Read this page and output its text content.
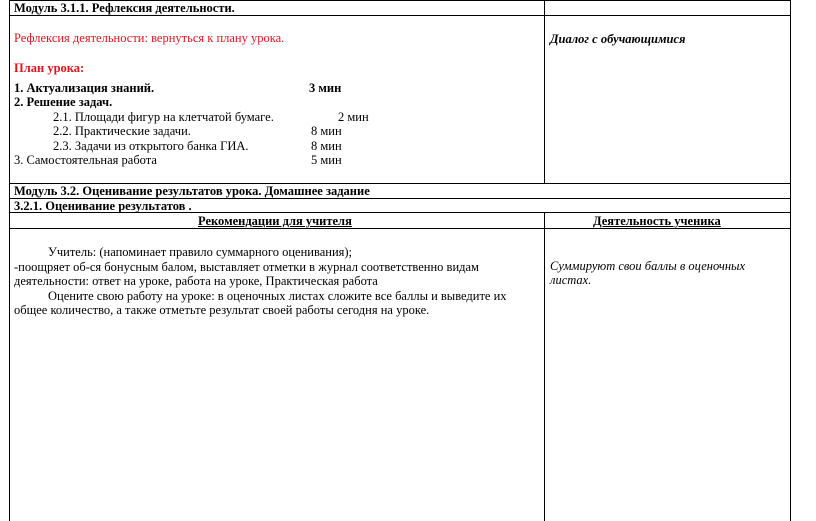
Модуль 3.1.1. Рефлексия деятельности.
Рефлексия деятельности: вернуться к плану урока.
План урока:
1. Актуализация знаний.	3 мин
2. Решение задач.
2.1. Площади фигур на клетчатой бумаге.	2 мин
2.2. Практические задачи.	8 мин
2.3. Задачи из открытого банка ГИА.	8 мин
3. Самостоятельная работа	5 мин
Диалог с обучающимися
Модуль 3.2. Оценивание результатов урока. Домашнее задание
3.2.1. Оценивание результатов .
Рекомендации для учителя	Деятельность ученика
Учитель: (напоминает правило суммарного оценивания);
-поощряет об-ся бонусным балом, выставляет отметки в журнал соответственно видам деятельности: ответ на уроке, работа на уроке, Практическая работа
Оцените свою работу на уроке: в оценочных листах сложите все баллы и выведите их общее количество, а также отметьте результат своей работы сегодня на уроке.
Суммируют свои баллы в оценочных листах.
